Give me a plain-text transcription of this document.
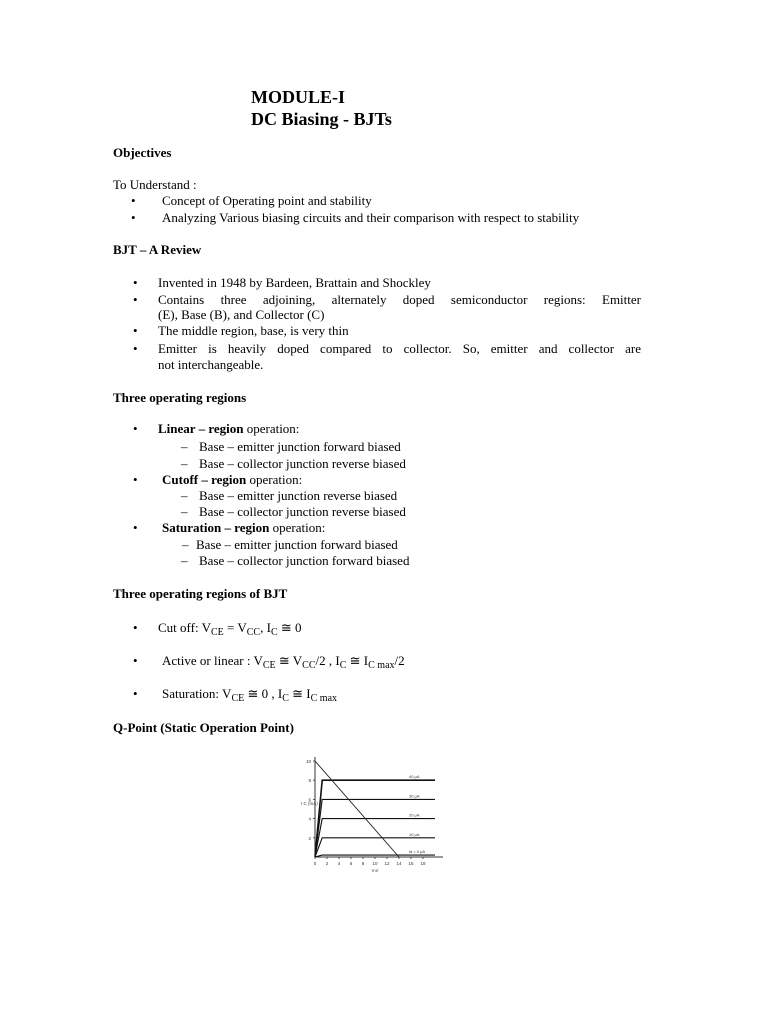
MODULE-I
DC Biasing - BJTs
Objectives
To Understand :
• Concept of Operating point and stability
• Analyzing Various biasing circuits and their comparison with respect to stability
BJT – A Review
• Invented in 1948 by Bardeen, Brattain and Shockley
• Contains three adjoining, alternately doped semiconductor regions: Emitter
(E), Base (B), and Collector (C)
• The middle region, base, is very thin
• Emitter is heavily doped compared to collector. So, emitter and collector are
not interchangeable.
Three operating regions
• Linear – region operation:
– Base – emitter junction forward biased
– Base – collector junction reverse biased
• Cutoff – region operation:
– Base – emitter junction reverse biased
– Base – collector junction reverse biased
• Saturation – region operation:
– Base – emitter junction forward biased
– Base – collector junction forward biased
Three operating regions of BJT
• Cut off: $V_{CE} = V_{CC}$, $I_C$ ≅ 0
• Active or linear : $V_{CE}$ ≅ $V_{CC}/2$ , $I_C$ ≅ $I_{C max}/2$
• Saturation: $V_{CE}$ ≅ 0 , $I_C$ ≅ $I_{C max}$
Q-Point (Static Operation Point)
10
8
6
4
2
0 2 4 6 8 10 12 14 16 18
I C (mA)
V₂ᴇ
40 μA
30 μA
20 μA
10 μA
Iʙ = 0 μA
